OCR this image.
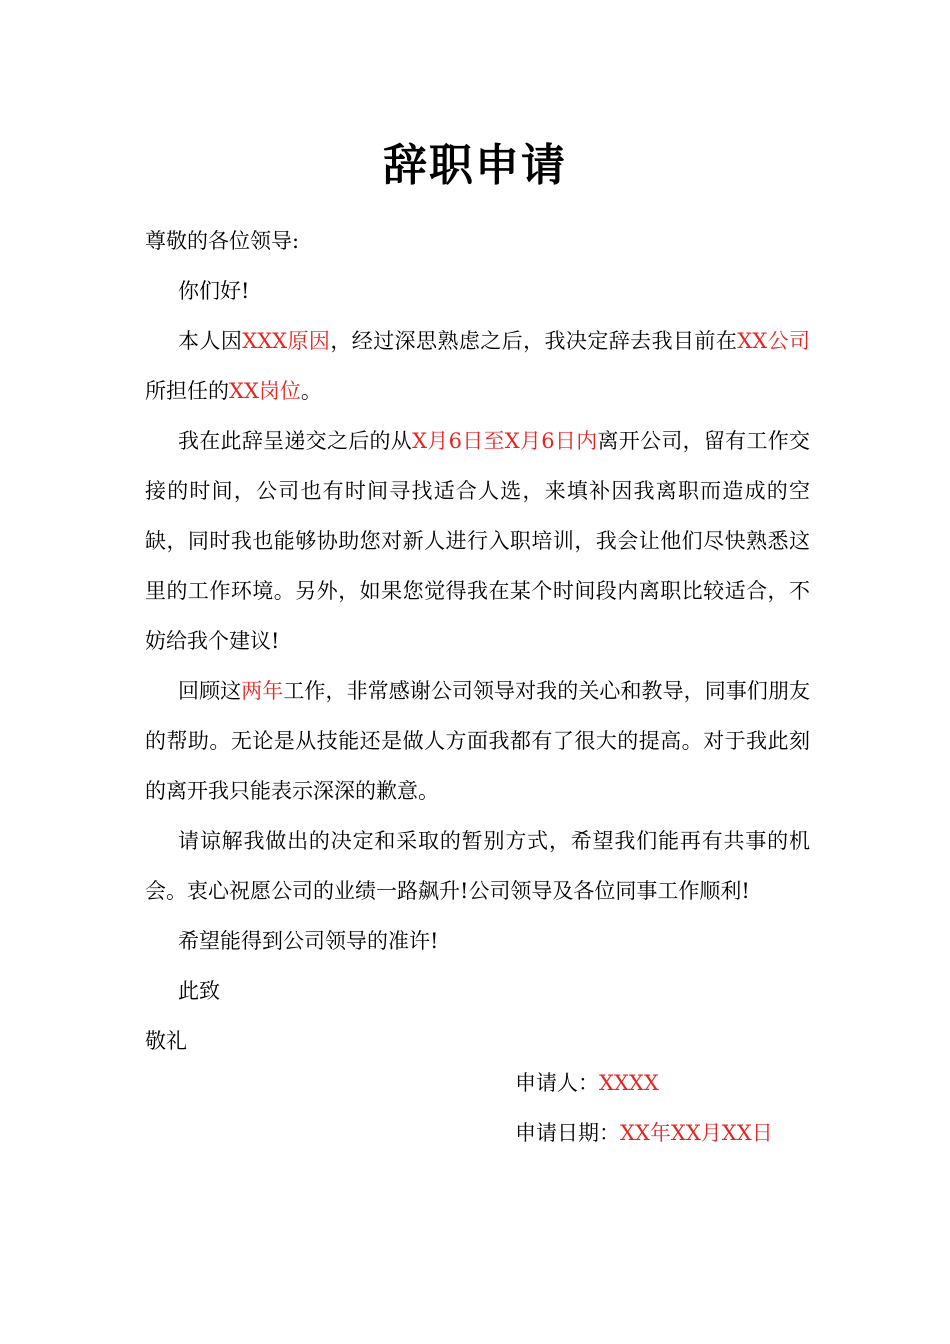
辞职申请

尊敬的各位领导:

你们好!

本人因XXX原因，经过深思熟虑之后，我决定辞去我目前在XX公司所担任的XX岗位。

我在此辞呈递交之后的从X月6日至X月6日内离开公司，留有工作交接的时间，公司也有时间寻找适合人选，来填补因我离职而造成的空缺，同时我也能够协助您对新人进行入职培训，我会让他们尽快熟悉这里的工作环境。另外，如果您觉得我在某个时间段内离职比较适合，不妨给我个建议!

回顾这两年工作，非常感谢公司领导对我的关心和教导，同事们朋友的帮助。无论是从技能还是做人方面我都有了很大的提高。对于我此刻的离开我只能表示深深的歉意。

请谅解我做出的决定和采取的暂别方式，希望我们能再有共事的机会。衷心祝愿公司的业绩一路飙升!公司领导及各位同事工作顺利!

希望能得到公司领导的准许!

此致

敬礼

申请人：XXXX

申请日期：XX年XX月XX日
